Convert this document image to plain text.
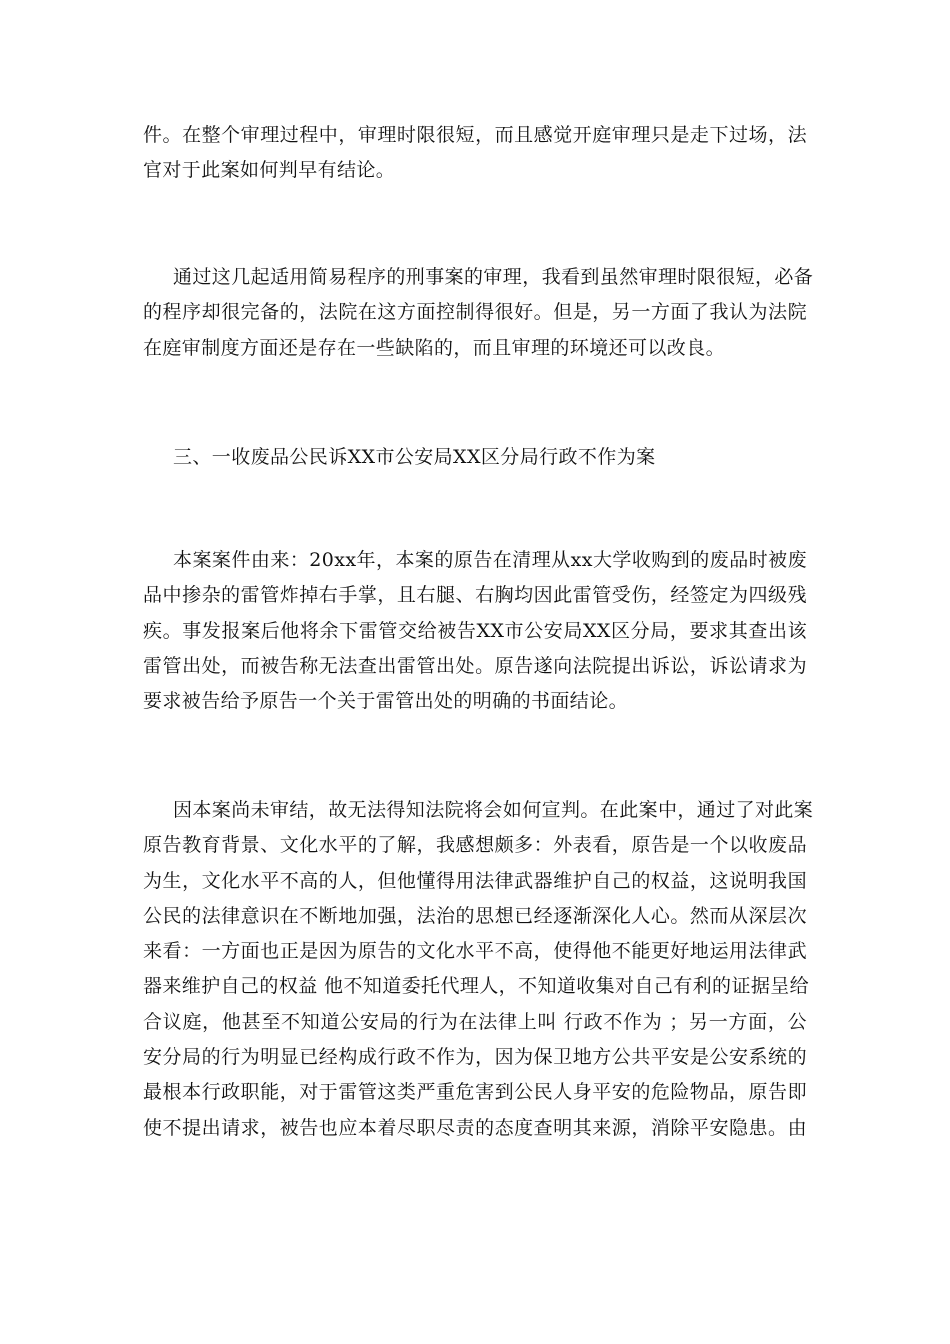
件。在整个审理过程中，审理时限很短，而且感觉开庭审理只是走下过场，法
官对于此案如何判早有结论。
通过这几起适用简易程序的刑事案的审理，我看到虽然审理时限很短，必备
的程序却很完备的，法院在这方面控制得很好。但是，另一方面了我认为法院
在庭审制度方面还是存在一些缺陷的，而且审理的环境还可以改良。

三、一收废品公民诉XX市公安局XX区分局行政不作为案

本案案件由来：20xx年，本案的原告在清理从xx大学收购到的废品时被废
品中掺杂的雷管炸掉右手掌，且右腿、右胸均因此雷管受伤，经签定为四级残
疾。事发报案后他将余下雷管交给被告XX市公安局XX区分局，要求其查出该
雷管出处，而被告称无法查出雷管出处。原告遂向法院提出诉讼，诉讼请求为
要求被告给予原告一个关于雷管出处的明确的书面结论。
因本案尚未审结，故无法得知法院将会如何宣判。在此案中，通过了对此案
原告教育背景、文化水平的了解，我感想颇多：外表看，原告是一个以收废品
为生，文化水平不高的人，但他懂得用法律武器维护自己的权益，这说明我国
公民的法律意识在不断地加强，法治的思想已经逐渐深化人心。然而从深层次
来看：一方面也正是因为原告的文化水平不高，使得他不能更好地运用法律武
器来维护自己的权益 他不知道委托代理人，不知道收集对自己有利的证据呈给
合议庭，他甚至不知道公安局的行为在法律上叫 行政不作为 ；另一方面，公
安分局的行为明显已经构成行政不作为，因为保卫地方公共平安是公安系统的
最根本行政职能，对于雷管这类严重危害到公民人身平安的危险物品，原告即
使不提出请求，被告也应本着尽职尽责的态度查明其来源，消除平安隐患。由
